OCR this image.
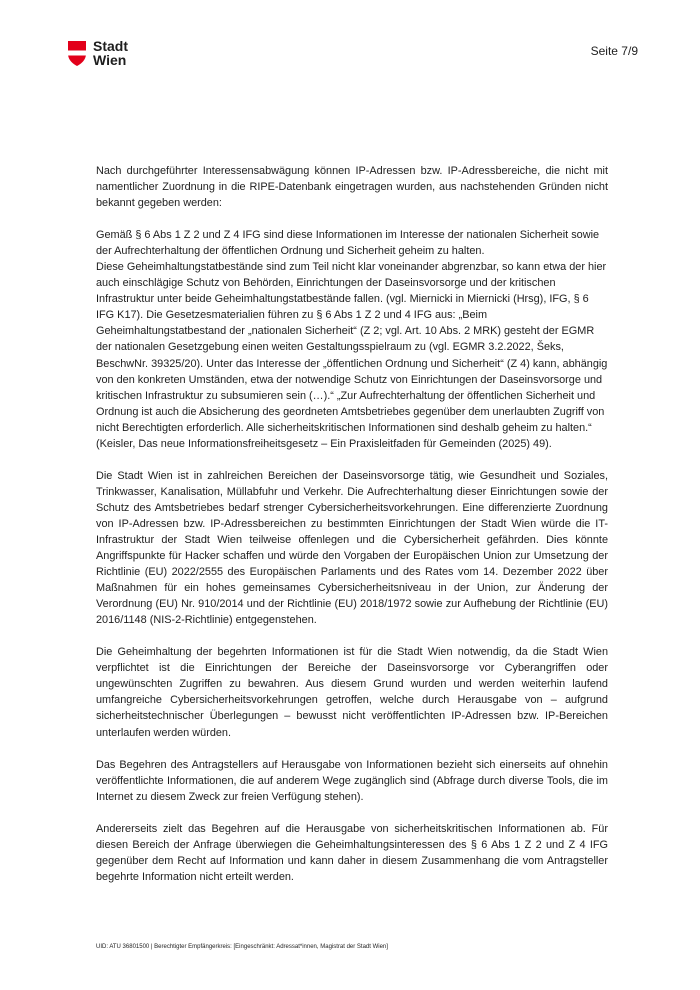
Stadt
Wien
Seite 7/9

Nach durchgeführter Interessensabwägung können IP-Adressen bzw. IP-Adressbereiche, die nicht mit namentlicher Zuordnung in die RIPE-Datenbank eingetragen wurden, aus nachstehenden Gründen nicht bekannt gegeben werden:

Gemäß § 6 Abs 1 Z 2 und Z 4 IFG sind diese Informationen im Interesse der nationalen Sicherheit sowie der Aufrechterhaltung der öffentlichen Ordnung und Sicherheit geheim zu halten.
Diese Geheimhaltungstatbestände sind zum Teil nicht klar voneinander abgrenzbar, so kann etwa der hier auch einschlägige Schutz von Behörden, Einrichtungen der Daseinsvorsorge und der kritischen Infrastruktur unter beide Geheimhaltungstatbestände fallen. (vgl. Miernicki in Miernicki (Hrsg), IFG, § 6 IFG K17). Die Gesetzesmaterialien führen zu § 6 Abs 1 Z 2 und 4 IFG aus: „Beim Geheimhaltungstatbestand der „nationalen Sicherheit“ (Z 2; vgl. Art. 10 Abs. 2 MRK) gesteht der EGMR der nationalen Gesetzgebung einen weiten Gestaltungsspielraum zu (vgl. EGMR 3.2.2022, Šeks, BeschwNr. 39325/20). Unter das Interesse der „öffentlichen Ordnung und Sicherheit“ (Z 4) kann, abhängig von den konkreten Umständen, etwa der notwendige Schutz von Einrichtungen der Daseinsvorsorge und kritischen Infrastruktur zu subsumieren sein (…).“ „Zur Aufrechterhaltung der öffentlichen Sicherheit und Ordnung ist auch die Absicherung des geordneten Amtsbetriebes gegenüber dem unerlaubten Zugriff von nicht Berechtigten erforderlich. Alle sicherheitskritischen Informationen sind deshalb geheim zu halten.“ (Keisler, Das neue Informationsfreiheitsgesetz – Ein Praxisleitfaden für Gemeinden (2025) 49).

Die Stadt Wien ist in zahlreichen Bereichen der Daseinsvorsorge tätig, wie Gesundheit und Soziales, Trinkwasser, Kanalisation, Müllabfuhr und Verkehr. Die Aufrechterhaltung dieser Einrichtungen sowie der Schutz des Amtsbetriebes bedarf strenger Cybersicherheitsvorkehrungen. Eine differenzierte Zuordnung von IP-Adressen bzw. IP-Adressbereichen zu bestimmten Einrichtungen der Stadt Wien würde die IT-Infrastruktur der Stadt Wien teilweise offenlegen und die Cybersicherheit gefährden. Dies könnte Angriffspunkte für Hacker schaffen und würde den Vorgaben der Europäischen Union zur Umsetzung der Richtlinie (EU) 2022/2555 des Europäischen Parlaments und des Rates vom 14. Dezember 2022 über Maßnahmen für ein hohes gemeinsames Cybersicherheitsniveau in der Union, zur Änderung der Verordnung (EU) Nr. 910/2014 und der Richtlinie (EU) 2018/1972 sowie zur Aufhebung der Richtlinie (EU) 2016/1148 (NIS-2-Richtlinie) entgegenstehen.

Die Geheimhaltung der begehrten Informationen ist für die Stadt Wien notwendig, da die Stadt Wien verpflichtet ist die Einrichtungen der Bereiche der Daseinsvorsorge vor Cyberangriffen oder ungewünschten Zugriffen zu bewahren. Aus diesem Grund wurden und werden weiterhin laufend umfangreiche Cybersicherheitsvorkehrungen getroffen, welche durch Herausgabe von – aufgrund sicherheitstechnischer Überlegungen – bewusst nicht veröffentlichten IP-Adressen bzw. IP-Bereichen unterlaufen werden würden.

Das Begehren des Antragstellers auf Herausgabe von Informationen bezieht sich einerseits auf ohnehin veröffentlichte Informationen, die auf anderem Wege zugänglich sind (Abfrage durch diverse Tools, die im Internet zu diesem Zweck zur freien Verfügung stehen).

Andererseits zielt das Begehren auf die Herausgabe von sicherheitskritischen Informationen ab. Für diesen Bereich der Anfrage überwiegen die Geheimhaltungsinteressen des § 6 Abs 1 Z 2 und Z 4 IFG gegenüber dem Recht auf Information und kann daher in diesem Zusammenhang die vom Antragsteller begehrte Information nicht erteilt werden.

UID: ATU 36801500 | Berechtigter Empfängerkreis: [Eingeschränkt: Adressat*innen, Magistrat der Stadt Wien]
